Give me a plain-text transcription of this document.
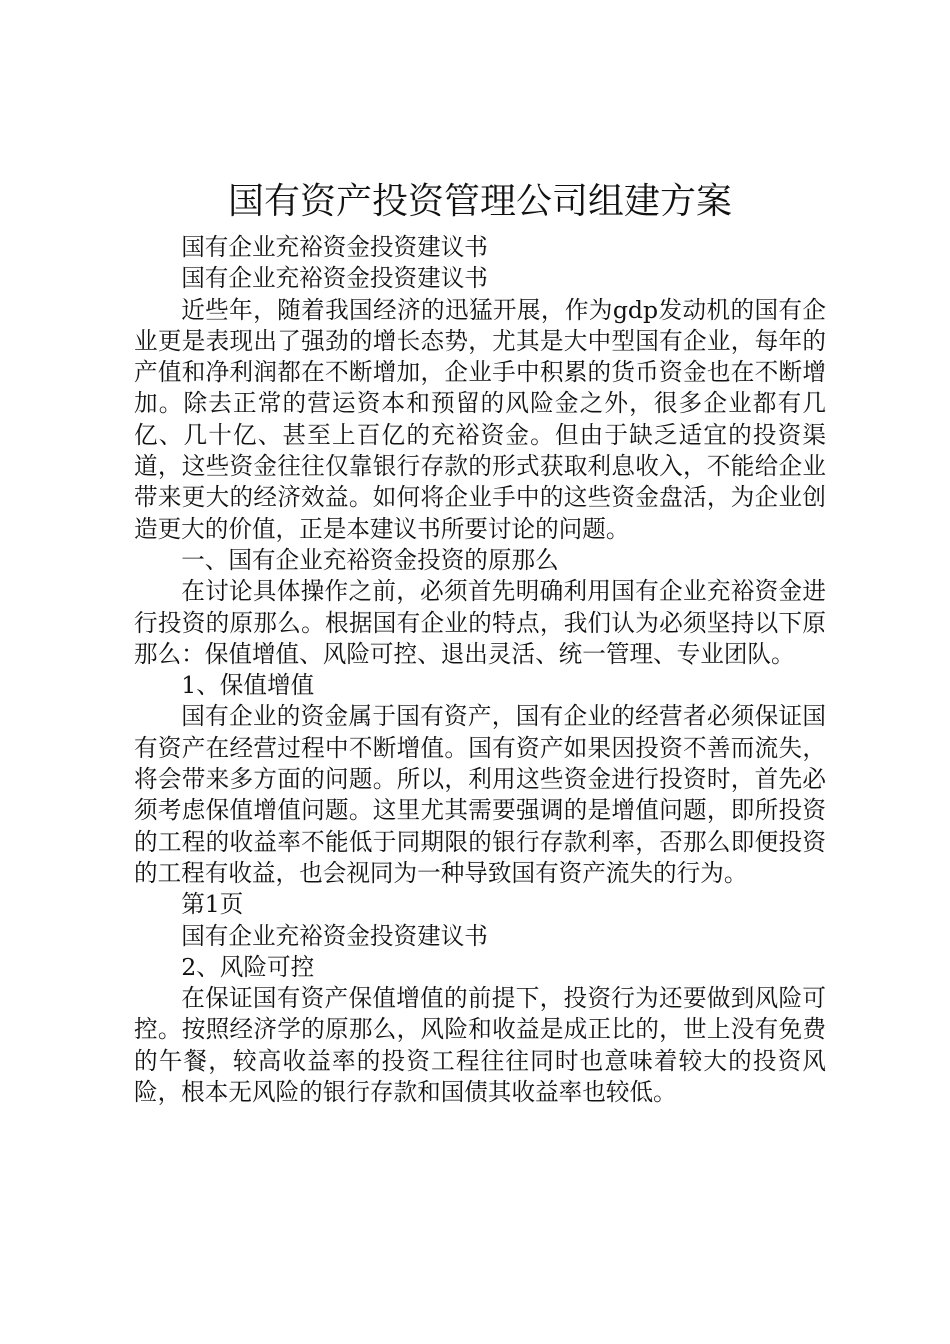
国有资产投资管理公司组建方案

国有企业充裕资金投资建议书

国有企业充裕资金投资建议书

近些年，随着我国经济的迅猛开展，作为gdp发动机的国有企业更是表现出了强劲的增长态势，尤其是大中型国有企业，每年的产值和净利润都在不断增加，企业手中积累的货币资金也在不断增加。除去正常的营运资本和预留的风险金之外，很多企业都有几亿、几十亿、甚至上百亿的充裕资金。但由于缺乏适宜的投资渠道，这些资金往往仅靠银行存款的形式获取利息收入，不能给企业带来更大的经济效益。如何将企业手中的这些资金盘活，为企业创造更大的价值，正是本建议书所要讨论的问题。

一、国有企业充裕资金投资的原那么

在讨论具体操作之前，必须首先明确利用国有企业充裕资金进行投资的原那么。根据国有企业的特点，我们认为必须坚持以下原那么：保值增值、风险可控、退出灵活、统一管理、专业团队。

1、保值增值

国有企业的资金属于国有资产，国有企业的经营者必须保证国有资产在经营过程中不断增值。国有资产如果因投资不善而流失，将会带来多方面的问题。所以，利用这些资金进行投资时，首先必须考虑保值增值问题。这里尤其需要强调的是增值问题，即所投资的工程的收益率不能低于同期限的银行存款利率，否那么即便投资的工程有收益，也会视同为一种导致国有资产流失的行为。

第1页

国有企业充裕资金投资建议书

2、风险可控

在保证国有资产保值增值的前提下，投资行为还要做到风险可控。按照经济学的原那么，风险和收益是成正比的，世上没有免费的午餐，较高收益率的投资工程往往同时也意味着较大的投资风险，根本无风险的银行存款和国债其收益率也较低。
